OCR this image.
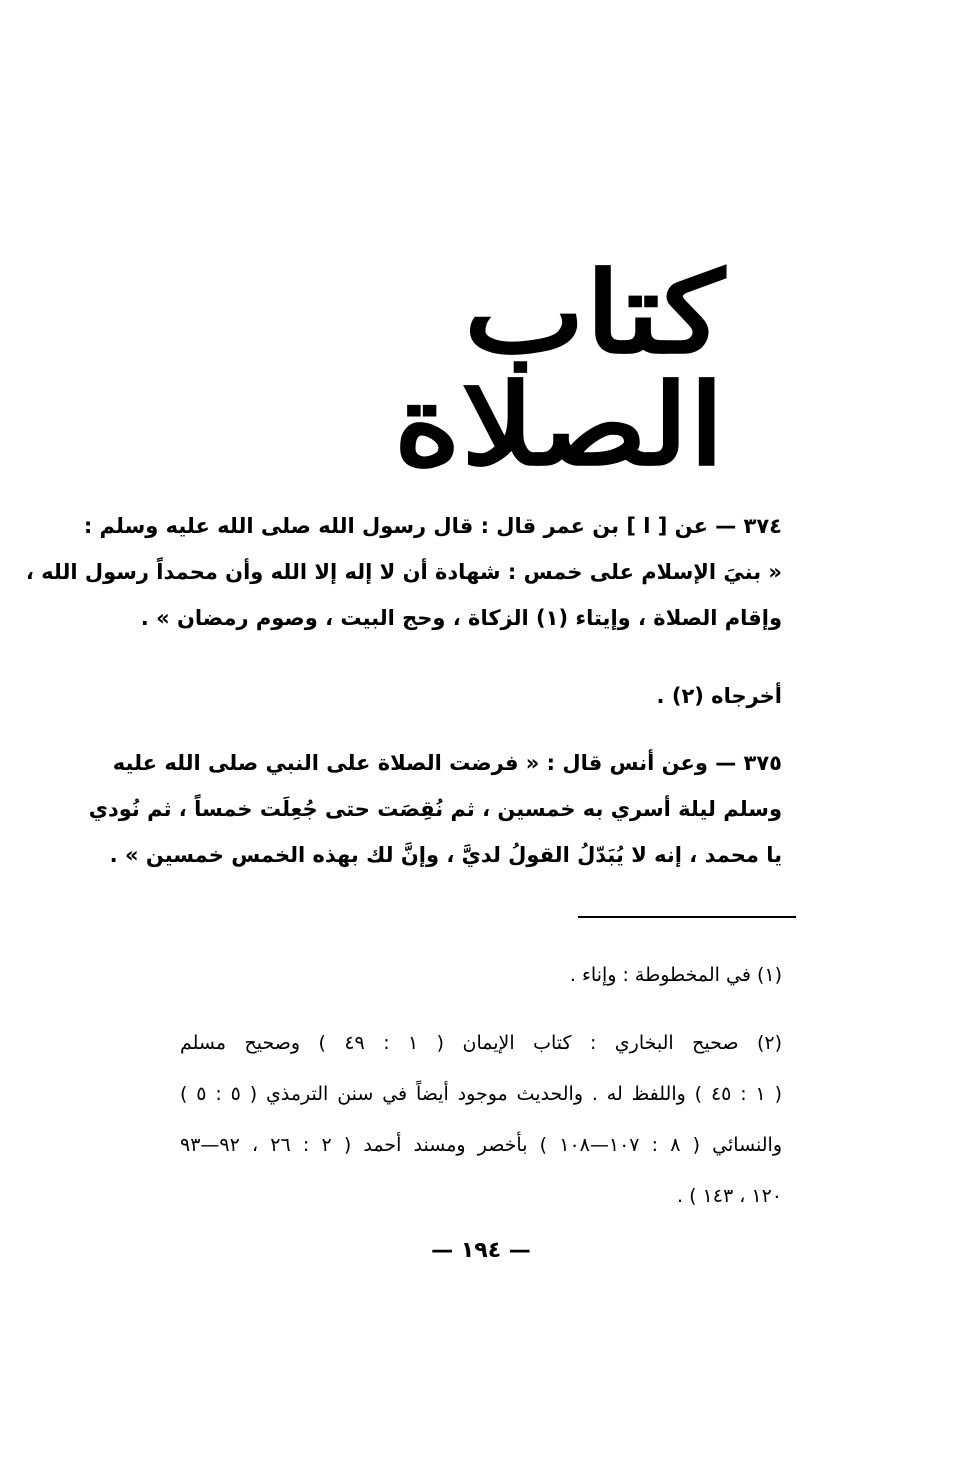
كتاب الصلاة
٣٧٤ — عن [ ا ] بن عمر قال : قال رسول الله صلى الله عليه وسلم :
« بنيَ الإسلام على خمس : شهادة أن لا إله إلا الله وأن محمداً رسول الله ،
وإقام الصلاة ، وإيتاء (١) الزكاة ، وحج البيت ، وصوم رمضان » .
أخرجاه (٢) .
٣٧٥ — وعن أنس قال : « فرضت الصلاة على النبي صلى الله عليه
وسلم ليلة أسري به خمسين ، ثم نُقِصَت حتى جُعِلَت خمساً ، ثم نُودي
يا محمد ، إنه لا يُبَدّلُ القولُ لديَّ ، وإنَّ لك بهذه الخمس خمسين » .
(١) في المخطوطة : وإناء .
(٢) صحيح البخاري : كتاب الإيمان ( ١ : ٤٩ ) وصحيح مسلم
( ١ : ٤٥ ) واللفظ له . والحديث موجود أيضاً في سنن الترمذي ( ٥ : ٥ )
والنسائي ( ٨ : ١٠٧—١٠٨ ) بأخصر ومسند أحمد ( ٢ : ٢٦ ، ٩٢—٩٣
١٢٠ ، ١٤٣ ) .
— ١٩٤ —
